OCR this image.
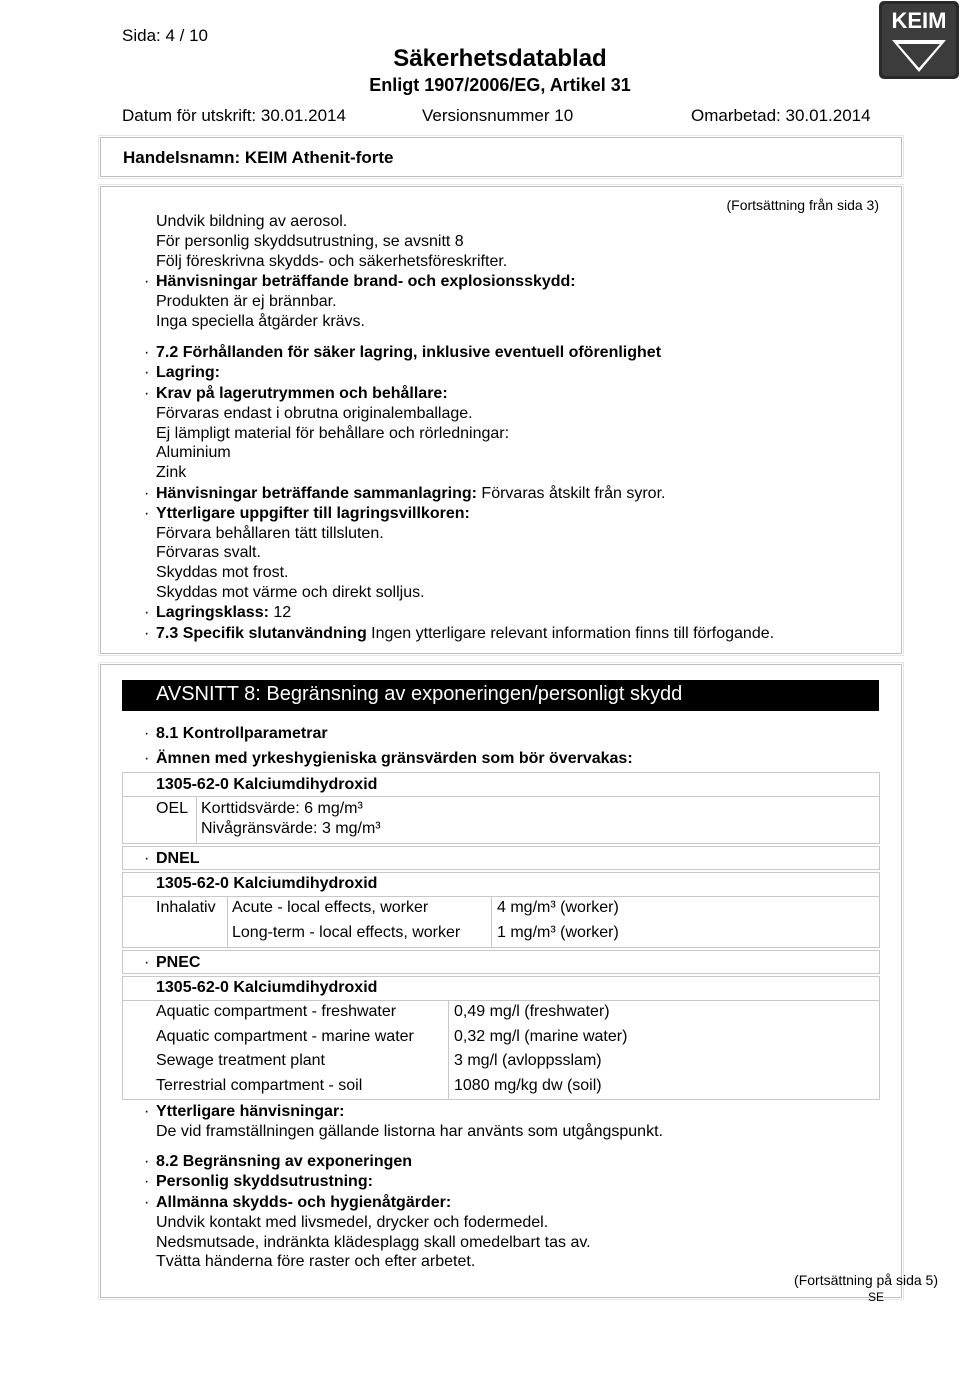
Sida: 4 / 10
Säkerhetsdatablad
Enligt 1907/2006/EG, Artikel 31
KEIM
Datum för utskrift: 30.01.2014	Versionsnummer 10	Omarbetad: 30.01.2014
Handelsnamn: KEIM Athenit-forte
(Fortsättning från sida 3)
Undvik bildning av aerosol.
För personlig skyddsutrustning, se avsnitt 8
Följ föreskrivna skydds- och säkerhetsföreskrifter.
· Hänvisningar beträffande brand- och explosionsskydd:
Produkten är ej brännbar.
Inga speciella åtgärder krävs.
· 7.2 Förhållanden för säker lagring, inklusive eventuell oförenlighet
· Lagring:
· Krav på lagerutrymmen och behållare:
Förvaras endast i obrutna originalemballage.
Ej lämpligt material för behållare och rörledningar:
Aluminium
Zink
· Hänvisningar beträffande sammanlagring: Förvaras åtskilt från syror.
· Ytterligare uppgifter till lagringsvillkoren:
Förvara behållaren tätt tillsluten.
Förvaras svalt.
Skyddas mot frost.
Skyddas mot värme och direkt solljus.
· Lagringsklass: 12
· 7.3 Specifik slutanvändning Ingen ytterligare relevant information finns till förfogande.
AVSNITT 8: Begränsning av exponeringen/personligt skydd
· 8.1 Kontrollparametrar
· Ämnen med yrkeshygieniska gränsvärden som bör övervakas:
1305-62-0 Kalciumdihydroxid
OEL Korttidsvärde: 6 mg/m³
Nivågränsvärde: 3 mg/m³
· DNEL
1305-62-0 Kalciumdihydroxid
Inhalativ Acute - local effects, worker	4 mg/m³ (worker)
Long-term - local effects, worker 1 mg/m³ (worker)
· PNEC
1305-62-0 Kalciumdihydroxid
Aquatic compartment - freshwater	0,49 mg/l (freshwater)
Aquatic compartment - marine water	0,32 mg/l (marine water)
Sewage treatment plant	3 mg/l (avloppsslam)
Terrestrial compartment - soil	1080 mg/kg dw (soil)
· Ytterligare hänvisningar:
De vid framställningen gällande listorna har använts som utgångspunkt.
· 8.2 Begränsning av exponeringen
· Personlig skyddsutrustning:
· Allmänna skydds- och hygienåtgärder:
Undvik kontakt med livsmedel, drycker och fodermedel.
Nedsmutsade, indränkta klädesplagg skall omedelbart tas av.
Tvätta händerna före raster och efter arbetet.
(Fortsättning på sida 5)
SE
